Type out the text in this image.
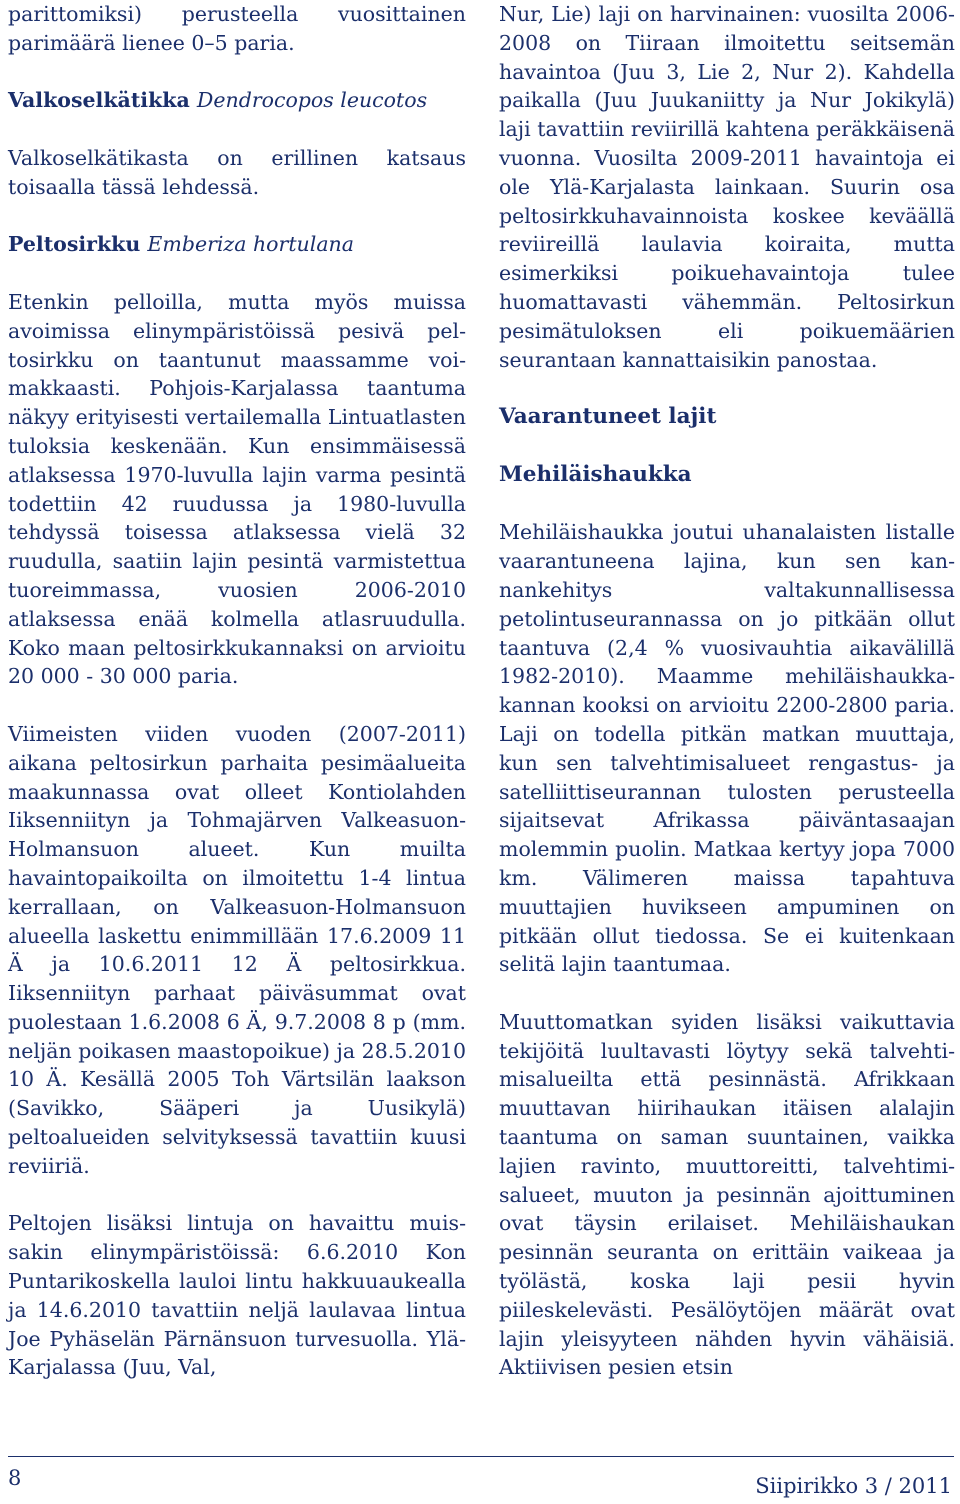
parittomiksi) perusteella vuosittainen parimäärä lienee 0–5 paria.

Valkoselkätikka Dendrocopos leucotos

Valkoselkätikasta on erillinen katsaus toisaalla tässä lehdessä.

Peltosirkku Emberiza hortulana

Etenkin pelloilla, mutta myös muissa avoimissa elinympäristöissä pesivä peltosirkku on taantunut maassamme voimakkaasti. Pohjois-Karjalassa taantuma näkyy erityisesti vertailemalla Lintuatlasten tuloksia keskenään. Kun ensimmäisessä atlaksessa 1970-luvulla lajin varma pesintä todettiin 42 ruudussa ja 1980-luvulla tehdyssä toisessa atlaksessa vielä 32 ruudulla, saatiin lajin pesintä varmistettua tuoreimmassa, vuosien 2006-2010 atlaksessa enää kolmella atlasruudulla. Koko maan peltosirkkukannaksi on arvioitu 20 000 - 30 000 paria.

Viimeisten viiden vuoden (2007-2011) aikana peltosirkun parhaita pesimäalueita maakunnassa ovat olleet Kontiolahden Iiksenniityn ja Tohmajärven Valkeasuon-Holmansuon alueet. Kun muilta havaintopaikoilta on ilmoitettu 1-4 lintua kerrallaan, on Valkeasuon-Holmansuon alueella laskettu enimmillään 17.6.2009 11 Ä ja 10.6.2011 12 Ä peltosirkkua. Iiksenniityn parhaat päiväsummat ovat puolestaan 1.6.2008 6 Ä, 9.7.2008 8 p (mm. neljän poikasen maastopoikue) ja 28.5.2010 10 Ä. Kesällä 2005 Toh Värtsilän laakson (Savikko, Sääperi ja Uusikylä) peltoalueiden selvityksessä tavattiin kuusi reviiriä.

Peltojen lisäksi lintuja on havaittu muissakin elinympäristöissä: 6.6.2010 Kon Puntarikoskella lauloi lintu hakkuuaukealla ja 14.6.2010 tavattiin neljä laulavaa lintua Joe Pyhäselän Pärnänsuon turvesuolla. Ylä-Karjalassa (Juu, Val,

Nur, Lie) laji on harvinainen: vuosilta 2006-2008 on Tiiraan ilmoitettu seitsemän havaintoa (Juu 3, Lie 2, Nur 2). Kahdella paikalla (Juu Juukaniitty ja Nur Jokikylä) laji tavattiin reviirillä kahtena peräkkäisenä vuonna. Vuosilta 2009-2011 havaintoja ei ole Ylä-Karjalasta lainkaan. Suurin osa peltosirkkuhavainnoista koskee keväällä reviireillä laulavia koiraita, mutta esimerkiksi poikuehavaintoja tulee huomattavasti vähemmän. Peltosirkun pesimätuloksen eli poikuemäärien seurantaan kannattaisikin panostaa.

Vaarantuneet lajit
Mehiläishaukka

Mehiläishaukka joutui uhanalaisten listalle vaarantuneena lajina, kun sen kannankehitys valtakunnallisessa petolintuseurannassa on jo pitkään ollut taantuva (2,4 % vuosivauhtia aikavälillä 1982-2010). Maamme mehiläishaukkakannan kooksi on arvioitu 2200-2800 paria. Laji on todella pitkän matkan muuttaja, kun sen talvehtimisalueet rengastus- ja satelliittiseurannan tulosten perusteella sijaitsevat Afrikassa päiväntasaajan molemmin puolin. Matkaa kertyy jopa 7000 km. Välimeren maissa tapahtuva muuttajien huvikseen ampuminen on pitkään ollut tiedossa. Se ei kuitenkaan selitä lajin taantumaa.

Muuttomatkan syiden lisäksi vaikuttavia tekijöitä luultavasti löytyy sekä talvehtimisalueilta että pesinnästä. Afrikkaan muuttavan hiirihaukan itäisen alalajin taantuma on saman suuntainen, vaikka lajien ravinto, muuttoreitti, talvehtimisalueet, muuton ja pesinnän ajoittuminen ovat täysin erilaiset. Mehiläishaukan pesinnän seuranta on erittäin vaikeaa ja työlästä, koska laji pesii hyvin piileskelevästi. Pesälöytöjen määrät ovat lajin yleisyyteen nähden hyvin vähäisiä. Aktiivisen pesien etsin

8	Siipirikko 3 / 2011
